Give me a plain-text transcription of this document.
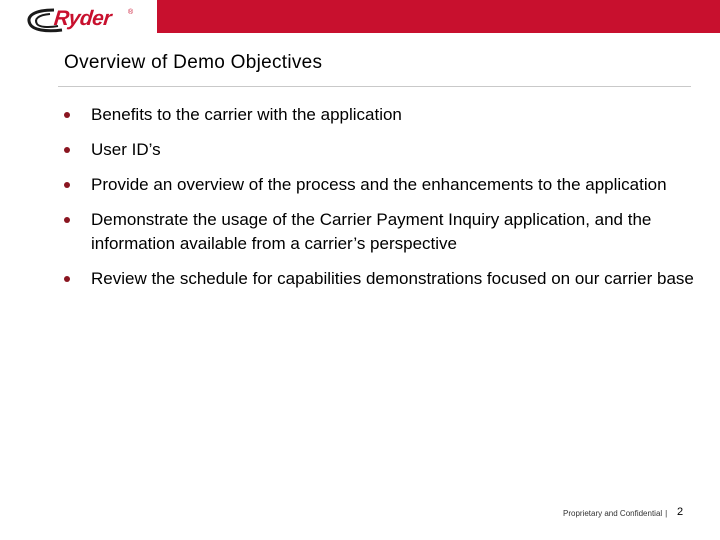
Ryder ®
Overview of Demo Objectives
Benefits to the carrier with the application
User ID’s
Provide an overview of the process and the enhancements to the application
Demonstrate the usage of the Carrier Payment Inquiry application, and the information available from a carrier’s perspective
Review the schedule for capabilities demonstrations focused on our carrier base
Proprietary and Confidential | 2
